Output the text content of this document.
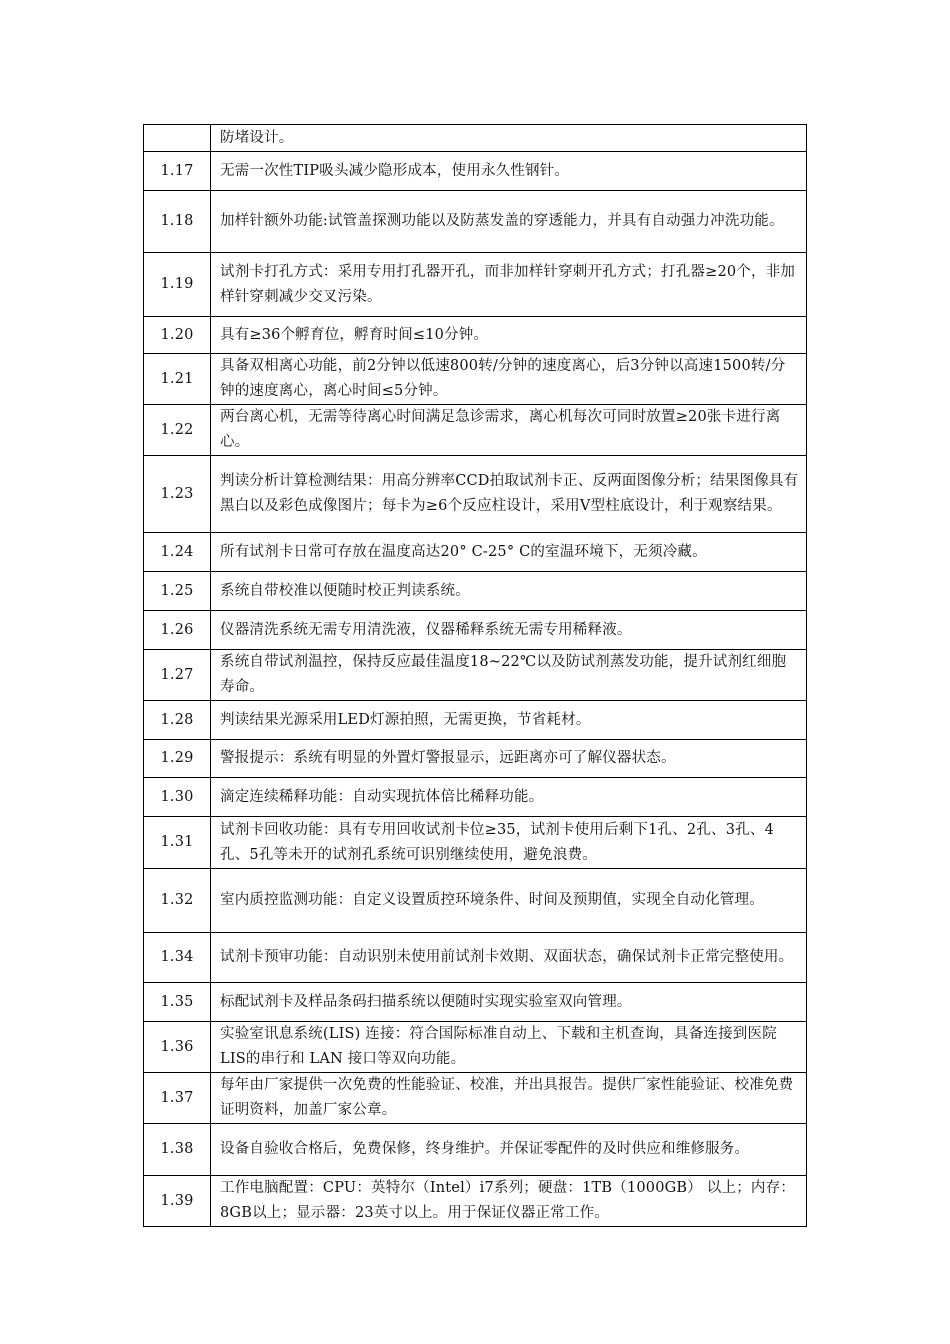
	防堵设计。
1.17	无需一次性TIP吸头减少隐形成本，使用永久性钢针。
1.18	加样针额外功能:试管盖探测功能以及防蒸发盖的穿透能力，并具有自动强力冲洗功能。
1.19	试剂卡打孔方式：采用专用打孔器开孔，而非加样针穿刺开孔方式；打孔器≥20个，非加样针穿刺减少交叉污染。
1.20	具有≥36个孵育位，孵育时间≤10分钟。
1.21	具备双相离心功能，前2分钟以低速800转/分钟的速度离心，后3分钟以高速1500转/分钟的速度离心，离心时间≤5分钟。
1.22	两台离心机，无需等待离心时间满足急诊需求，离心机每次可同时放置≥20张卡进行离心。
1.23	判读分析计算检测结果：用高分辨率CCD拍取试剂卡正、反两面图像分析；结果图像具有黑白以及彩色成像图片；每卡为≥6个反应柱设计，采用V型柱底设计，利于观察结果。
1.24	所有试剂卡日常可存放在温度高达20° C-25° C的室温环境下，无须冷藏。
1.25	系统自带校准以便随时校正判读系统。
1.26	仪器清洗系统无需专用清洗液，仪器稀释系统无需专用稀释液。
1.27	系统自带试剂温控，保持反应最佳温度18~22℃以及防试剂蒸发功能，提升试剂红细胞寿命。
1.28	判读结果光源采用LED灯源拍照，无需更换，节省耗材。
1.29	警报提示：系统有明显的外置灯警报显示，远距离亦可了解仪器状态。
1.30	滴定连续稀释功能：自动实现抗体倍比稀释功能。
1.31	试剂卡回收功能：具有专用回收试剂卡位≥35，试剂卡使用后剩下1孔、2孔、3孔、4孔、5孔等未开的试剂孔系统可识别继续使用，避免浪费。
1.32	室内质控监测功能：自定义设置质控环境条件、时间及预期值，实现全自动化管理。
1.34	试剂卡预审功能：自动识别未使用前试剂卡效期、双面状态，确保试剂卡正常完整使用。
1.35	标配试剂卡及样品条码扫描系统以便随时实现实验室双向管理。
1.36	实验室讯息系统(LIS) 连接：符合国际标准自动上、下载和主机查询，具备连接到医院LIS的串行和 LAN 接口等双向功能。
1.37	每年由厂家提供一次免费的性能验证、校准，并出具报告。提供厂家性能验证、校准免费证明资料，加盖厂家公章。
1.38	设备自验收合格后，免费保修，终身维护。并保证零配件的及时供应和维修服务。
1.39	工作电脑配置：CPU：英特尔（Intel）i7系列；硬盘：1TB（1000GB） 以上；内存：8GB以上；显示器：23英寸以上。用于保证仪器正常工作。
